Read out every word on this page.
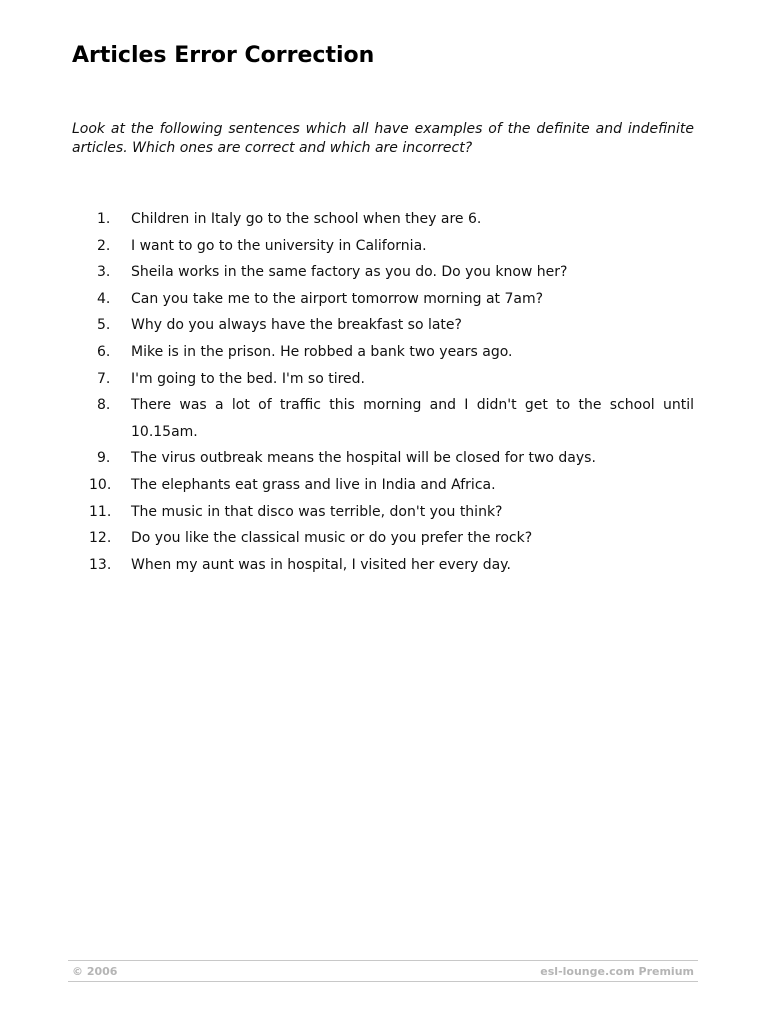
Articles Error Correction

Look at the following sentences which all have examples of the definite and indefinite articles. Which ones are correct and which are incorrect?

1.	Children in Italy go to the school when they are 6.
2.	I want to go to the university in California.
3.	Sheila works in the same factory as you do. Do you know her?
4.	Can you take me to the airport tomorrow morning at 7am?
5.	Why do you always have the breakfast so late?
6.	Mike is in the prison. He robbed a bank two years ago.
7.	I'm going to the bed. I'm so tired.
8.	There was a lot of traffic this morning and I didn't get to the school until 10.15am.
9.	The virus outbreak means the hospital will be closed for two days.
10.	The elephants eat grass and live in India and Africa.
11.	The music in that disco was terrible, don't you think?
12.	Do you like the classical music or do you prefer the rock?
13.	When my aunt was in hospital, I visited her every day.
© 2006	esl-lounge.com Premium
